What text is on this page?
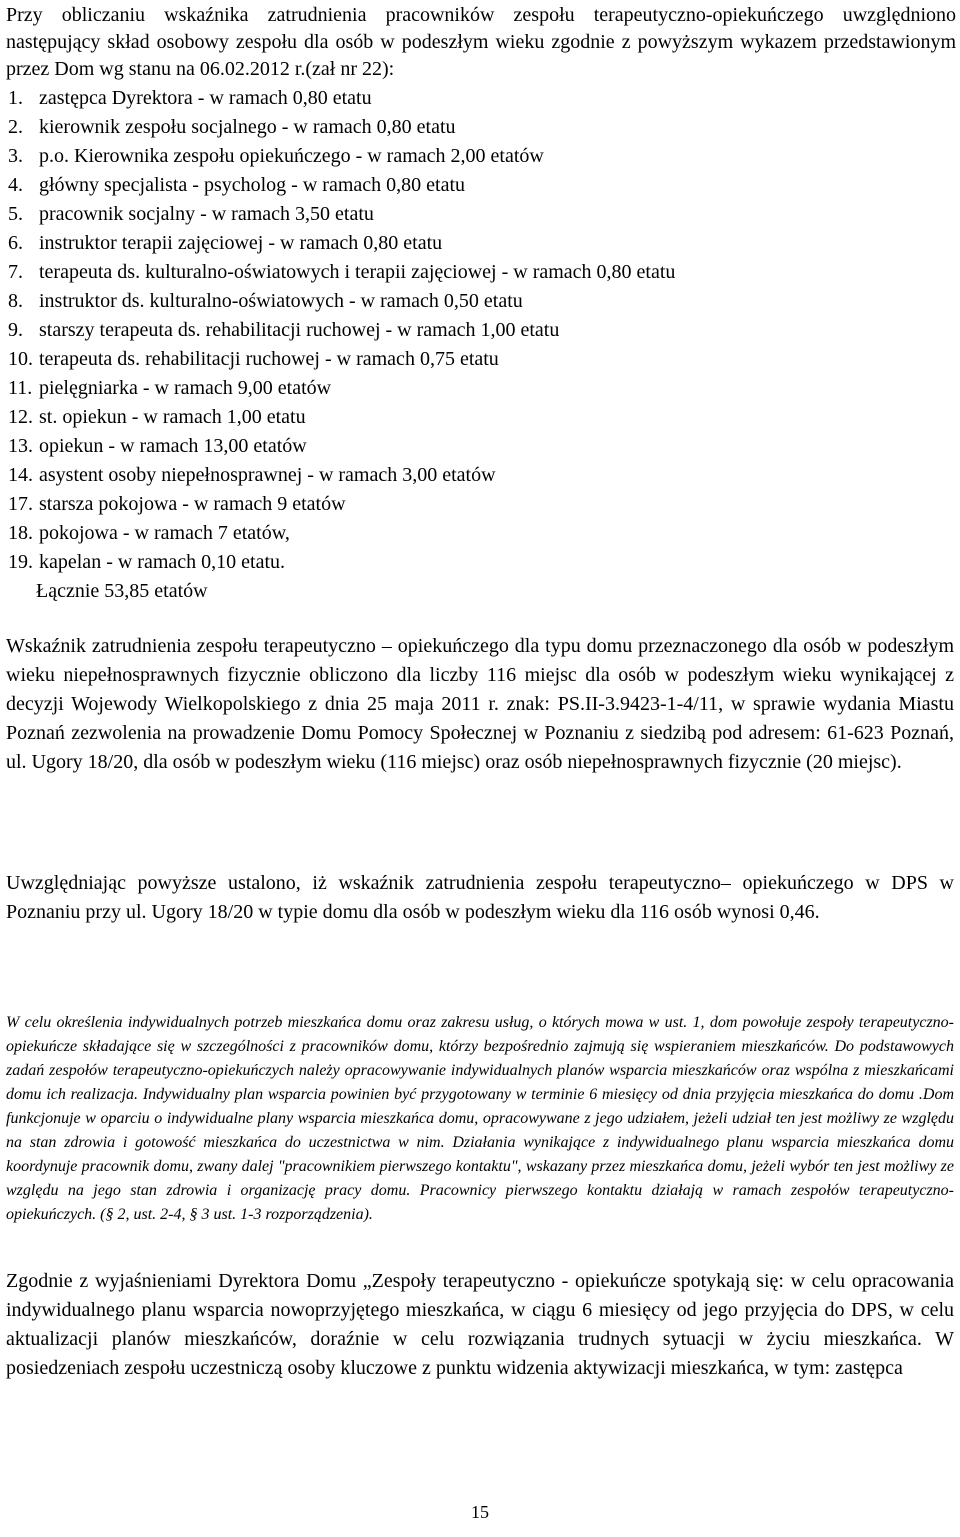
Przy obliczaniu wskaźnika zatrudnienia pracowników zespołu terapeutyczno-opiekuńczego uwzględniono następujący skład osobowy zespołu dla osób w podeszłym wieku zgodnie z powyższym wykazem przedstawionym przez Dom wg stanu na 06.02.2012 r.(zał nr 22):

1. zastępca Dyrektora - w ramach 0,80 etatu
2. kierownik zespołu socjalnego - w ramach 0,80 etatu
3. p.o. Kierownika zespołu opiekuńczego - w ramach 2,00 etatów
4. główny specjalista - psycholog - w ramach 0,80 etatu
5. pracownik socjalny - w ramach 3,50 etatu
6. instruktor terapii zajęciowej - w ramach 0,80 etatu
7. terapeuta ds. kulturalno-oświatowych i terapii zajęciowej - w ramach 0,80 etatu
8. instruktor ds. kulturalno-oświatowych - w ramach 0,50 etatu
9. starszy terapeuta ds. rehabilitacji ruchowej - w ramach 1,00 etatu
10. terapeuta ds. rehabilitacji ruchowej - w ramach 0,75 etatu
11. pielęgniarka - w ramach 9,00 etatów
12. st. opiekun - w ramach 1,00 etatu
13. opiekun - w ramach 13,00 etatów
14. asystent osoby niepełnosprawnej - w ramach 3,00 etatów
17. starsza pokojowa - w ramach 9 etatów
18. pokojowa - w ramach 7 etatów,
19. kapelan - w ramach 0,10 etatu.
Łącznie 53,85 etatów

Wskaźnik zatrudnienia zespołu terapeutyczno – opiekuńczego dla typu domu przeznaczonego dla osób w podeszłym wieku niepełnosprawnych fizycznie obliczono dla liczby 116 miejsc dla osób w podeszłym wieku wynikającej z decyzji Wojewody Wielkopolskiego z dnia 25 maja 2011 r. znak: PS.II-3.9423-1-4/11, w sprawie wydania Miastu Poznań zezwolenia na prowadzenie Domu Pomocy Społecznej w Poznaniu z siedzibą pod adresem: 61-623 Poznań, ul. Ugory 18/20, dla osób w podeszłym wieku (116 miejsc) oraz osób niepełnosprawnych fizycznie (20 miejsc).

Uwzględniając powyższe ustalono, iż wskaźnik zatrudnienia zespołu terapeutyczno– opiekuńczego w DPS w Poznaniu przy ul. Ugory 18/20 w typie domu dla osób w podeszłym wieku dla 116 osób wynosi 0,46.

W celu określenia indywidualnych potrzeb mieszkańca domu oraz zakresu usług, o których mowa w ust. 1, dom powołuje zespoły terapeutyczno-opiekuńcze składające się w szczególności z pracowników domu, którzy bezpośrednio zajmują się wspieraniem mieszkańców. Do podstawowych zadań zespołów terapeutyczno-opiekuńczych należy opracowywanie indywidualnych planów wsparcia mieszkańców oraz wspólna z mieszkańcami domu ich realizacja. Indywidualny plan wsparcia powinien być przygotowany w terminie 6 miesięcy od dnia przyjęcia mieszkańca do domu .Dom funkcjonuje w oparciu o indywidualne plany wsparcia mieszkańca domu, opracowywane z jego udziałem, jeżeli udział ten jest możliwy ze względu na stan zdrowia i gotowość mieszkańca do uczestnictwa w nim. Działania wynikające z indywidualnego planu wsparcia mieszkańca domu koordynuje pracownik domu, zwany dalej "pracownikiem pierwszego kontaktu", wskazany przez mieszkańca domu, jeżeli wybór ten jest możliwy ze względu na jego stan zdrowia i organizację pracy domu. Pracownicy pierwszego kontaktu działają w ramach zespołów terapeutyczno-opiekuńczych. (§ 2, ust. 2-4, § 3 ust. 1-3 rozporządzenia).

Zgodnie z wyjaśnieniami Dyrektora Domu „Zespoły terapeutyczno - opiekuńcze spotykają się: w celu opracowania indywidualnego planu wsparcia nowoprzyjętego mieszkańca, w ciągu 6 miesięcy od jego przyjęcia do DPS, w celu aktualizacji planów mieszkańców, doraźnie w celu rozwiązania trudnych sytuacji w życiu mieszkańca. W posiedzeniach zespołu uczestniczą osoby kluczowe z punktu widzenia aktywizacji mieszkańca, w tym: zastępca

15
